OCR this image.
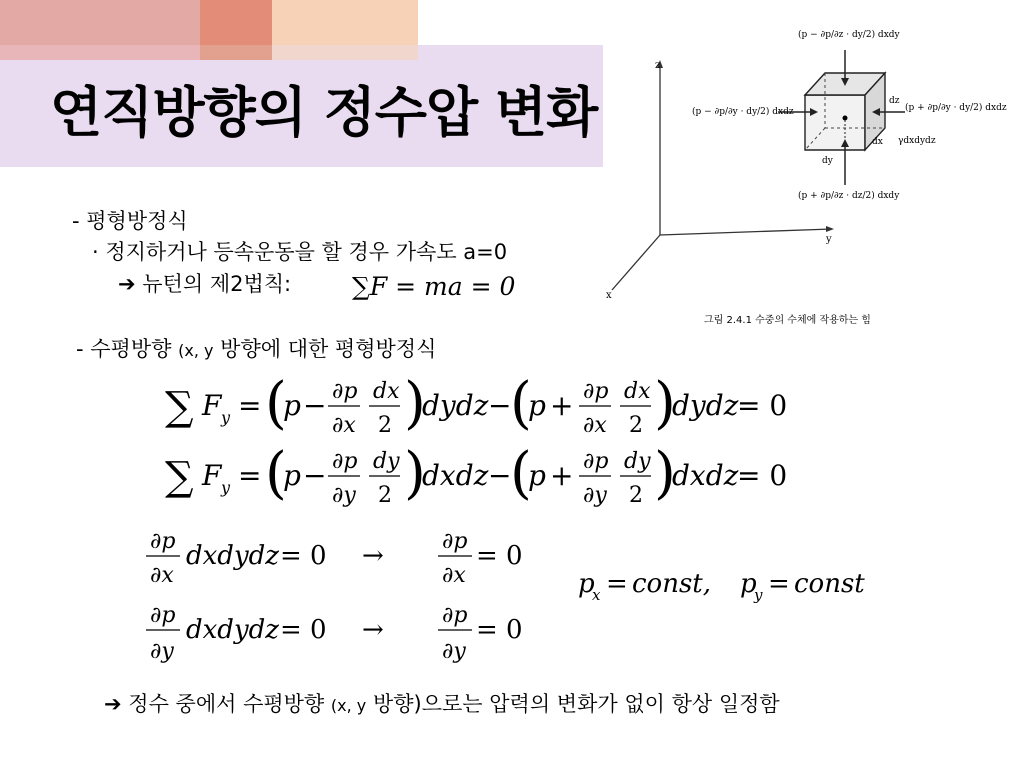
연직방향의 정수압 변화
z
y
x
(p − ∂p/∂z · dy/2) dxdy
(p − ∂p/∂y · dy/2) dxdz	(p + ∂p/∂y · dy/2) dxdz
(p + ∂p/∂z · dz/2) dxdy
dz
dx
dy
γdxdydz
그림 2.4.1 수중의 수체에 작용하는 힘
- 평형방정식
· 정지하거나 등속운동을 할 경우 가속도 a=0
➔ 뉴턴의 제2법칙: ∑F = ma = 0
- 수평방향 (x, y 방향에 대한 평형방정식
∑ F y = (
p − ∂p
∂x
dx
2 )
dydz −
(
p + ∂p
∂x
dx
2 )
dydz
= 0
∑ F y = (
p − ∂p
∂y
dy
2 )
dxdz −
(
p + ∂p
∂y
dy
2 )
dxdz
= 0
∂p
∂x
dxdydz = 0 →	∂p
∂x
= 0
∂p
∂y
dxdydz = 0 →	∂p
∂y
= 0
p
x = const, p
y = const
➔ 정수 중에서 수평방향 (x, y 방향)으로는 압력의 변화가 없이 항상 일정함
